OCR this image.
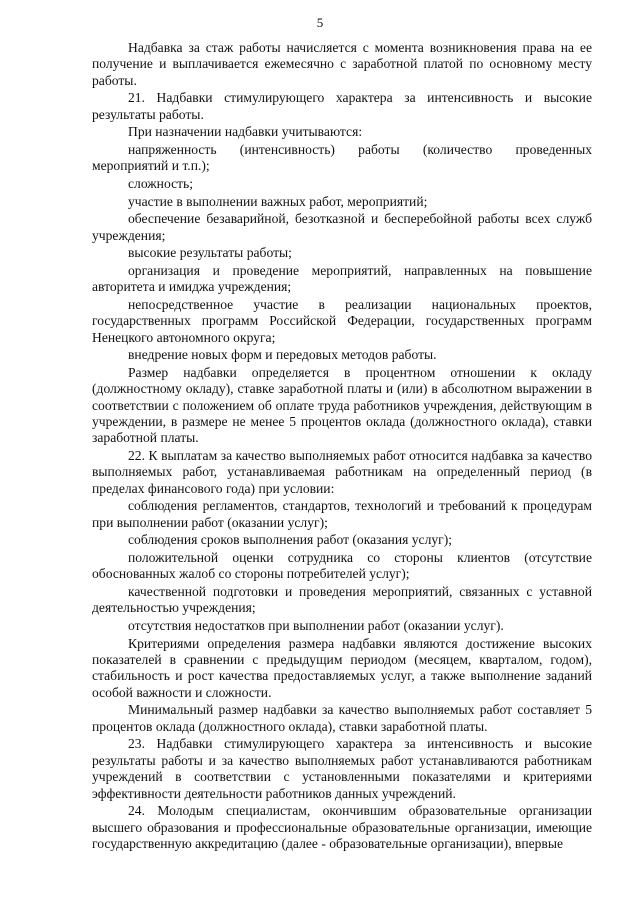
5

Надбавка за стаж работы начисляется с момента возникновения права на ее получение и выплачивается ежемесячно с заработной платой по основному месту работы.

21. Надбавки стимулирующего характера за интенсивность и высокие результаты работы.

При назначении надбавки учитываются:

напряженность (интенсивность) работы (количество проведенных мероприятий и т.п.);

сложность;

участие в выполнении важных работ, мероприятий;

обеспечение безаварийной, безотказной и бесперебойной работы всех служб учреждения;

высокие результаты работы;

организация и проведение мероприятий, направленных на повышение авторитета и имиджа учреждения;

непосредственное участие в реализации национальных проектов, государственных программ Российской Федерации, государственных программ Ненецкого автономного округа;

внедрение новых форм и передовых методов работы.

Размер надбавки определяется в процентном отношении к окладу (должностному окладу), ставке заработной платы и (или) в абсолютном выражении в соответствии с положением об оплате труда работников учреждения, действующим в учреждении, в размере не менее 5 процентов оклада (должностного оклада), ставки заработной платы.

22. К выплатам за качество выполняемых работ относится надбавка за качество выполняемых работ, устанавливаемая работникам на определенный период (в пределах финансового года) при условии:

соблюдения регламентов, стандартов, технологий и требований к процедурам при выполнении работ (оказании услуг);

соблюдения сроков выполнения работ (оказания услуг);

положительной оценки сотрудника со стороны клиентов (отсутствие обоснованных жалоб со стороны потребителей услуг);

качественной подготовки и проведения мероприятий, связанных с уставной деятельностью учреждения;

отсутствия недостатков при выполнении работ (оказании услуг).

Критериями определения размера надбавки являются достижение высоких показателей в сравнении с предыдущим периодом (месяцем, кварталом, годом), стабильность и рост качества предоставляемых услуг, а также выполнение заданий особой важности и сложности.

Минимальный размер надбавки за качество выполняемых работ составляет 5 процентов оклада (должностного оклада), ставки заработной платы.

23. Надбавки стимулирующего характера за интенсивность и высокие результаты работы и за качество выполняемых работ устанавливаются работникам учреждений в соответствии с установленными показателями и критериями эффективности деятельности работников данных учреждений.

24. Молодым специалистам, окончившим образовательные организации высшего образования и профессиональные образовательные организации, имеющие государственную аккредитацию (далее - образовательные организации), впервые
